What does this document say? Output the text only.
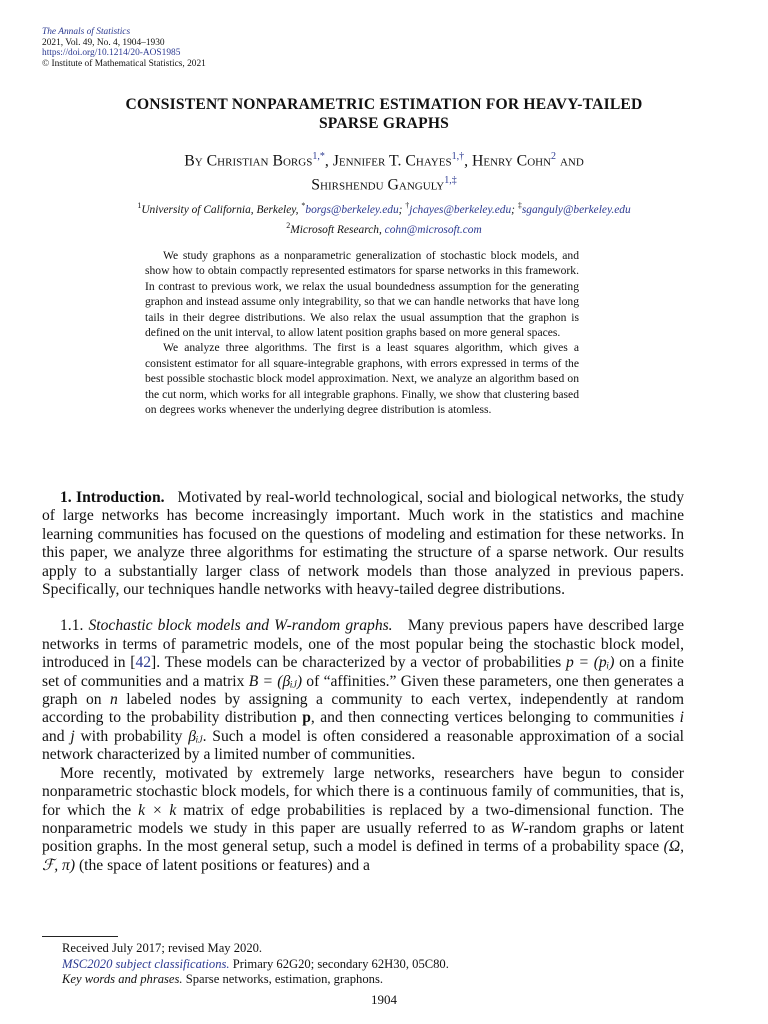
The Annals of Statistics
2021, Vol. 49, No. 4, 1904–1930
https://doi.org/10.1214/20-AOS1985
© Institute of Mathematical Statistics, 2021
CONSISTENT NONPARAMETRIC ESTIMATION FOR HEAVY-TAILED
SPARSE GRAPHS
By Christian Borgs$^{1,*}$, Jennifer T. Chayes$^{1,\dagger}$, Henry Cohn$^2$ and
Shirshendu Ganguly$^{1,\ddagger}$
$^1$University of California, Berkeley, *borgs@berkeley.edu; †jchayes@berkeley.edu; ‡sganguly@berkeley.edu
$^2$Microsoft Research, cohn@microsoft.com

We study graphons as a nonparametric generalization of stochastic block models, and show how to obtain compactly represented estimators for sparse networks in this framework. In contrast to previous work, we relax the usual boundedness assumption for the generating graphon and instead assume only integrability, so that we can handle networks that have long tails in their degree distributions. We also relax the usual assumption that the graphon is defined on the unit interval, to allow latent position graphs based on more general spaces.

We analyze three algorithms. The first is a least squares algorithm, which gives a consistent estimator for all square-integrable graphons, with errors expressed in terms of the best possible stochastic block model approximation. Next, we analyze an algorithm based on the cut norm, which works for all integrable graphons. Finally, we show that clustering based on degrees works whenever the underlying degree distribution is atomless.

1. Introduction. Motivated by real-world technological, social and biological networks, the study of large networks has become increasingly important. Much work in the statistics and machine learning communities has focused on the questions of modeling and estimation for these networks. In this paper, we analyze three algorithms for estimating the structure of a sparse network. Our results apply to a substantially larger class of network models than those analyzed in previous papers. Specifically, our techniques handle networks with heavy-tailed degree distributions.

1.1. Stochastic block models and W-random graphs. Many previous papers have described large networks in terms of parametric models, one of the most popular being the stochastic block model, introduced in [42]. These models can be characterized by a vector of probabilities p = (pᵢ) on a finite set of communities and a matrix B = (βᵢⱼ) of “affinities.” Given these parameters, one then generates a graph on n labeled nodes by assigning a community to each vertex, independently at random according to the probability distribution p, and then connecting vertices belonging to communities i and j with probability βᵢⱼ. Such a model is often considered a reasonable approximation of a social network characterized by a limited number of communities.

More recently, motivated by extremely large networks, researchers have begun to consider nonparametric stochastic block models, for which there is a continuous family of communities, that is, for which the k × k matrix of edge probabilities is replaced by a two-dimensional function. The nonparametric models we study in this paper are usually referred to as W-random graphs or latent position graphs. In the most general setup, such a model is defined in terms of a probability space (Ω, ℱ, π) (the space of latent positions or features) and a

Received July 2017; revised May 2020.
MSC2020 subject classifications. Primary 62G20; secondary 62H30, 05C80.
Key words and phrases. Sparse networks, estimation, graphons.
1904
